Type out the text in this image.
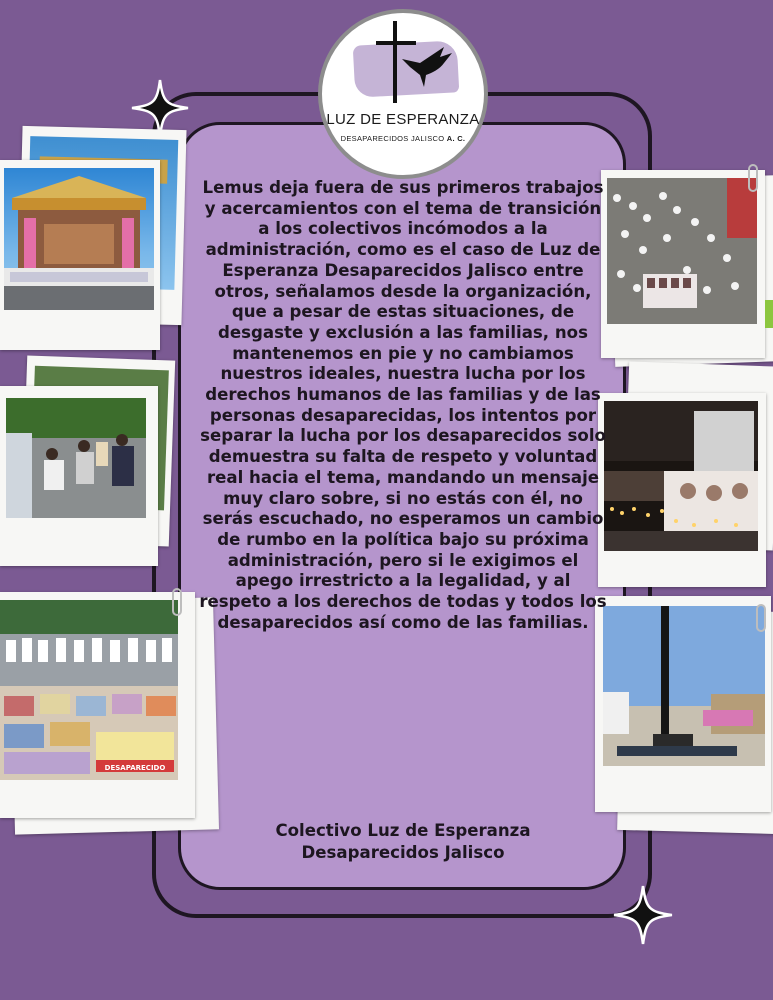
DESAPARECIDO
LUZ DE ESPERANZA
DESAPARECIDOS JALISCO A. C.

Lemus deja fuera de sus primeros trabajos y acercamientos con el tema de transición a los colectivos incómodos a la administración, como es el caso de Luz de Esperanza Desaparecidos Jalisco entre otros, señalamos desde la organización, que a pesar de estas situaciones, de desgaste y exclusión a las familias, nos mantenemos en pie y no cambiamos nuestros ideales, nuestra lucha por los derechos humanos de las familias y de las personas desaparecidas, los intentos por separar la lucha por los desaparecidos solo demuestra su falta de respeto y voluntad real hacia el tema, mandando un mensaje muy claro sobre, si no estás con él, no serás escuchado, no esperamos un cambio de rumbo en la política bajo su próxima administración, pero si le exigimos el apego irrestricto a la legalidad, y al respeto a los derechos de todas y todos los desaparecidos así como de las familias.

Colectivo Luz de Esperanza
Desaparecidos Jalisco
